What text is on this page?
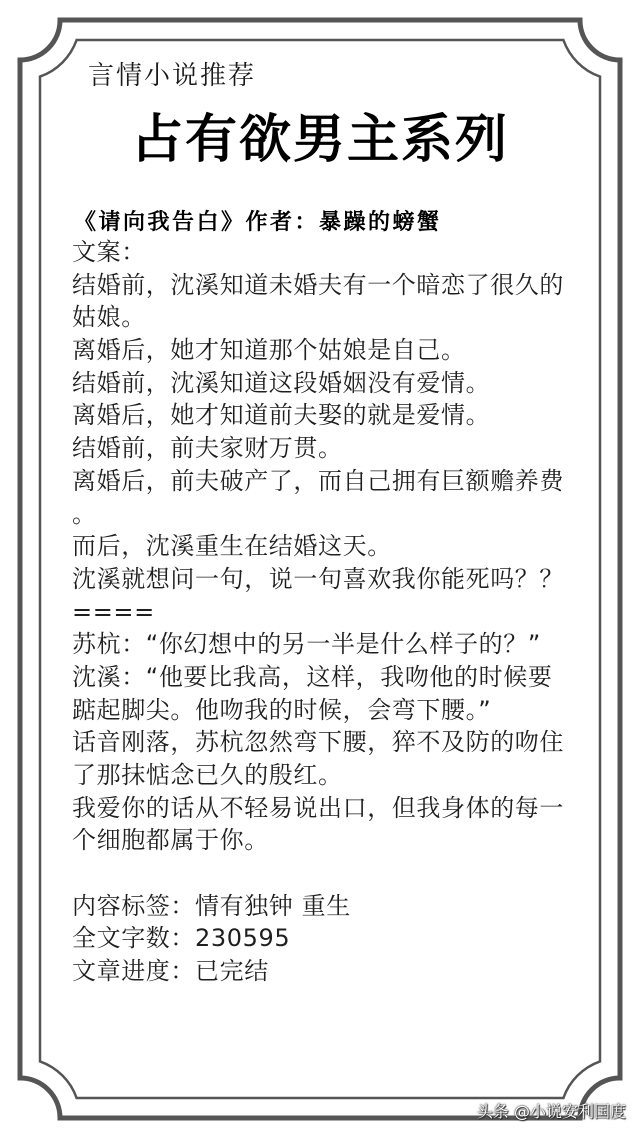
言情小说推荐
占有欲男主系列
《请向我告白》作者：暴躁的螃蟹
文案：
结婚前，沈溪知道未婚夫有一个暗恋了很久的
姑娘。
离婚后，她才知道那个姑娘是自己。
结婚前，沈溪知道这段婚姻没有爱情。
离婚后，她才知道前夫娶的就是爱情。
结婚前，前夫家财万贯。
离婚后，前夫破产了，而自己拥有巨额赡养费
。
而后，沈溪重生在结婚这天。
沈溪就想问一句，说一句喜欢我你能死吗？？
====
苏杭：“你幻想中的另一半是什么样子的？”
沈溪：“他要比我高，这样，我吻他的时候要
踮起脚尖。他吻我的时候，会弯下腰。”
话音刚落，苏杭忽然弯下腰，猝不及防的吻住
了那抹惦念已久的殷红。
我爱你的话从不轻易说出口，但我身体的每一
个细胞都属于你。
内容标签：情有独钟 重生
全文字数：230595
文章进度：已完结
头条 @小说安利国度
